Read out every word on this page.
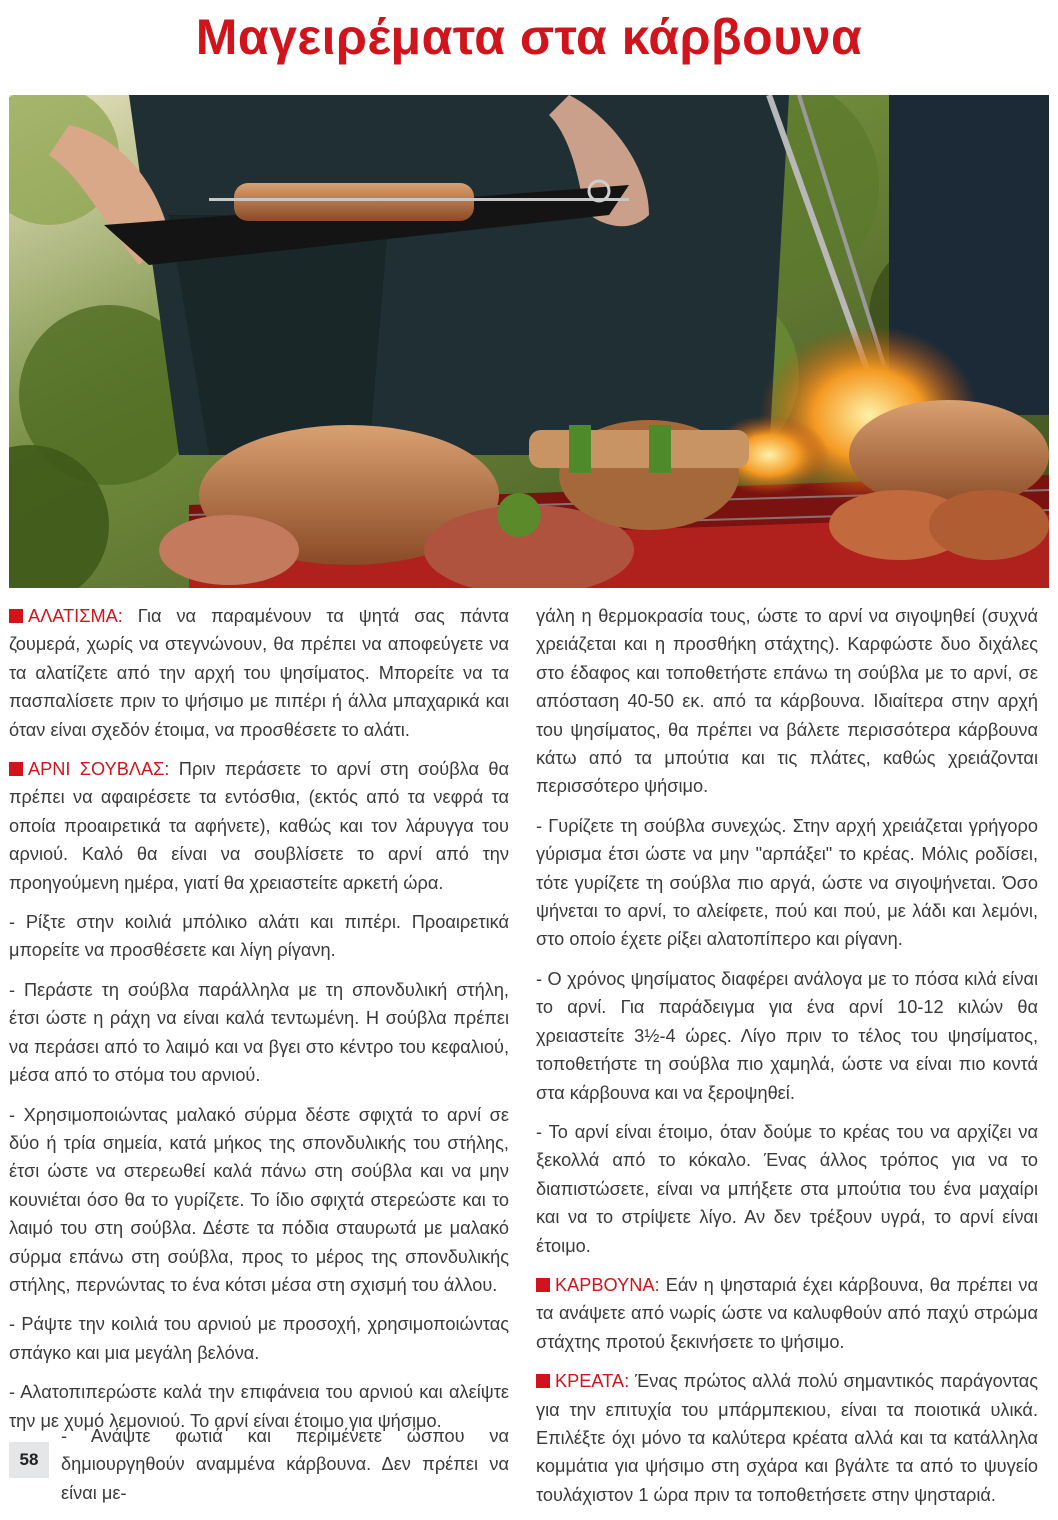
Μαγειρέματα στα κάρβουνα

ΑΛΑΤΙΣΜΑ: Για να παραμένουν τα ψητά σας πάντα ζουμερά, χωρίς να στεγνώνουν, θα πρέπει να αποφεύγετε να τα αλατίζετε από την αρχή του ψησίματος. Μπορείτε να τα πασπαλίσετε πριν το ψήσιμο με πιπέρι ή άλλα μπαχαρικά και όταν είναι σχεδόν έτοιμα, να προσθέσετε το αλάτι.

ΑΡΝΙ ΣΟΥΒΛΑΣ: Πριν περάσετε το αρνί στη σούβλα θα πρέπει να αφαιρέσετε τα εντόσθια, (εκτός από τα νεφρά τα οποία προαιρετικά τα αφήνετε), καθώς και τον λάρυγγα του αρνιού. Καλό θα είναι να σουβλίσετε το αρνί από την προηγούμενη ημέρα, γιατί θα χρειαστείτε αρκετή ώρα.

- Ρίξτε στην κοιλιά μπόλικο αλάτι και πιπέρι. Προαιρετικά μπορείτε να προσθέσετε και λίγη ρίγανη.

- Περάστε τη σούβλα παράλληλα με τη σπονδυλική στήλη, έτσι ώστε η ράχη να είναι καλά τεντωμένη. Η σούβλα πρέπει να περάσει από το λαιμό και να βγει στο κέντρο του κεφαλιού, μέσα από το στόμα του αρνιού.

- Χρησιμοποιώντας μαλακό σύρμα δέστε σφιχτά το αρνί σε δύο ή τρία σημεία, κατά μήκος της σπονδυλικής του στήλης, έτσι ώστε να στερεωθεί καλά πάνω στη σούβλα και να μην κουνιέται όσο θα το γυρίζετε. Το ίδιο σφιχτά στερεώστε και το λαιμό του στη σούβλα. Δέστε τα πόδια σταυρωτά με μαλακό σύρμα επάνω στη σούβλα, προς το μέρος της σπονδυλικής στήλης, περνώντας το ένα κότσι μέσα στη σχισμή του άλλου.

- Ράψτε την κοιλιά του αρνιού με προσοχή, χρησιμοποιώντας σπάγκο και μια μεγάλη βελόνα.

- Αλατοπιπερώστε καλά την επιφάνεια του αρνιού και αλείψτε την με χυμό λεμονιού. Το αρνί είναι έτοιμο για ψήσιμο.

58
- Ανάψτε φωτιά και περιμένετε ώσπου να δημιουργηθούν αναμμένα κάρβουνα. Δεν πρέπει να είναι με-

γάλη η θερμοκρασία τους, ώστε το αρνί να σιγοψηθεί (συχνά χρειάζεται και η προσθήκη στάχτης). Καρφώστε δυο διχάλες στο έδαφος και τοποθετήστε επάνω τη σούβλα με το αρνί, σε απόσταση 40-50 εκ. από τα κάρβουνα. Ιδιαίτερα στην αρχή του ψησίματος, θα πρέπει να βάλετε περισσότερα κάρβουνα κάτω από τα μπούτια και τις πλάτες, καθώς χρειάζονται περισσότερο ψήσιμο.

- Γυρίζετε τη σούβλα συνεχώς. Στην αρχή χρειάζεται γρήγορο γύρισμα έτσι ώστε να μην "αρπάξει" το κρέας. Μόλις ροδίσει, τότε γυρίζετε τη σούβλα πιο αργά, ώστε να σιγοψήνεται. Όσο ψήνεται το αρνί, το αλείφετε, πού και πού, με λάδι και λεμόνι, στο οποίο έχετε ρίξει αλατοπίπερο και ρίγανη.

- Ο χρόνος ψησίματος διαφέρει ανάλογα με το πόσα κιλά είναι το αρνί. Για παράδειγμα για ένα αρνί 10-12 κιλών θα χρειαστείτε 3½-4 ώρες. Λίγο πριν το τέλος του ψησίματος, τοποθετήστε τη σούβλα πιο χαμηλά, ώστε να είναι πιο κοντά στα κάρβουνα και να ξεροψηθεί.

- Το αρνί είναι έτοιμο, όταν δούμε το κρέας του να αρχίζει να ξεκολλά από το κόκαλο. Ένας άλλος τρόπος για να το διαπιστώσετε, είναι να μπήξετε στα μπούτια του ένα μαχαίρι και να το στρίψετε λίγο. Αν δεν τρέξουν υγρά, το αρνί είναι έτοιμο.

ΚΑΡΒΟΥΝΑ: Εάν η ψησταριά έχει κάρβουνα, θα πρέπει να τα ανάψετε από νωρίς ώστε να καλυφθούν από παχύ στρώμα στάχτης προτού ξεκινήσετε το ψήσιμο.

ΚΡΕΑΤΑ: Ένας πρώτος αλλά πολύ σημαντικός παράγοντας για την επιτυχία του μπάρμπεκιου, είναι τα ποιοτικά υλικά. Επιλέξτε όχι μόνο τα καλύτερα κρέατα αλλά και τα κατάλληλα κομμάτια για ψήσιμο στη σχάρα και βγάλτε τα από το ψυγείο τουλάχιστον 1 ώρα πριν τα τοποθετήσετε στην ψησταριά.
